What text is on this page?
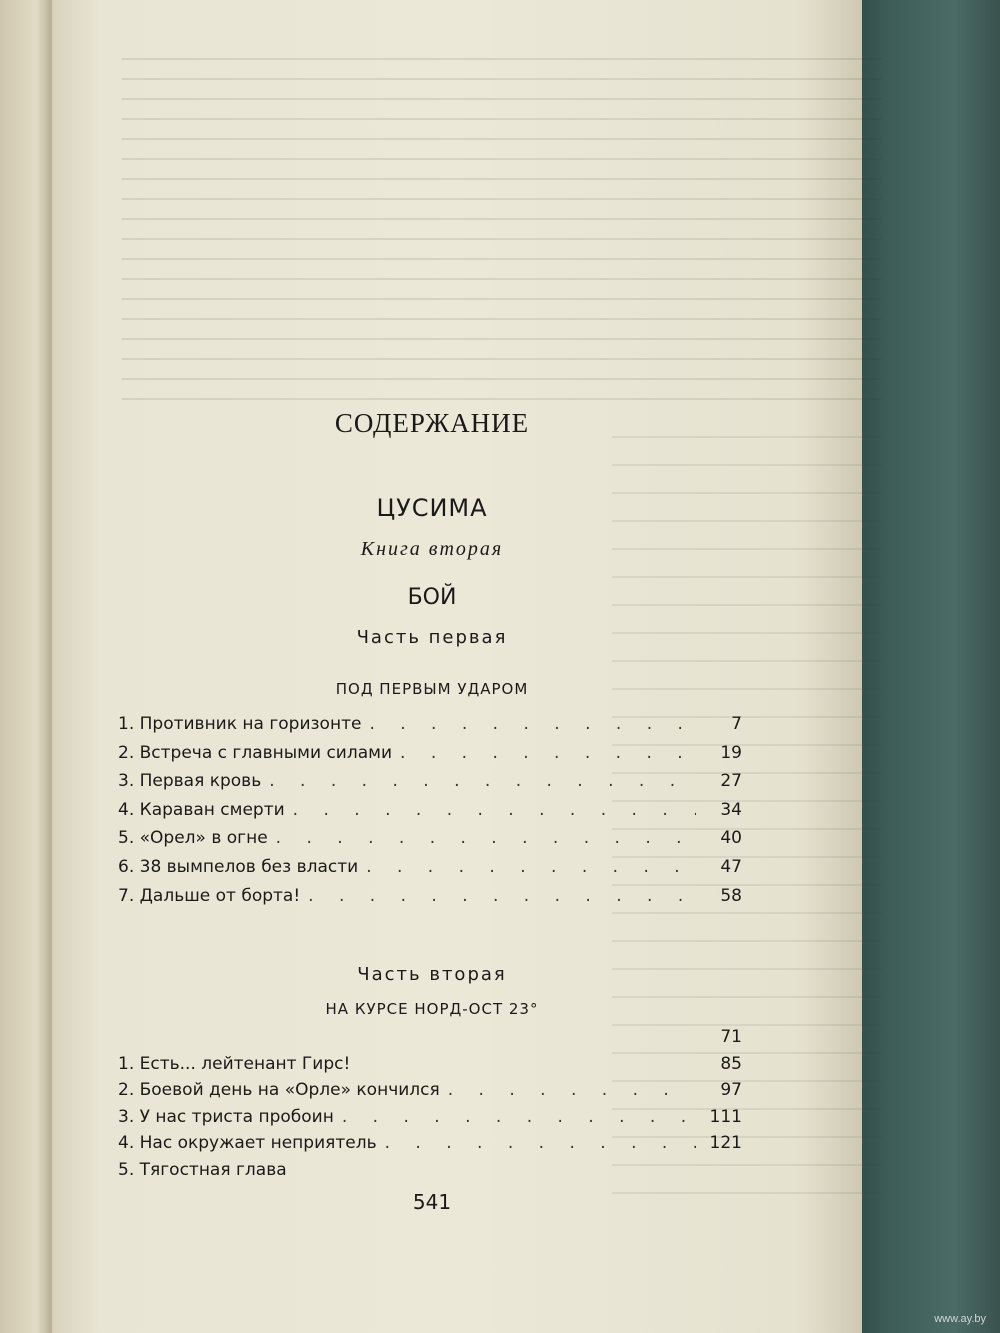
СОДЕРЖАНИЕ
ЦУСИМА
Книга вторая
БОЙ
Часть первая
ПОД ПЕРВЫМ УДАРОМ
1. Противник на горизонте . . .	7
2. Встреча с главными силами . . .	19
3. Первая кровь . . .	27
4. Караван смерти . . .	34
5. «Орел» в огне . . .	40
6. 38 вымпелов без власти . . .	47
7. Дальше от борта! . . .	58
Часть вторая
НА КУРСЕ НОРД-ОСТ 23°
71
1. Есть... лейтенант Гирс!	85
2. Боевой день на «Орле» кончился . . .	97
3. У нас триста пробоин . . .	111
4. Нас окружает неприятель . . .	121
5. Тягостная глава
541
www.ay.by
